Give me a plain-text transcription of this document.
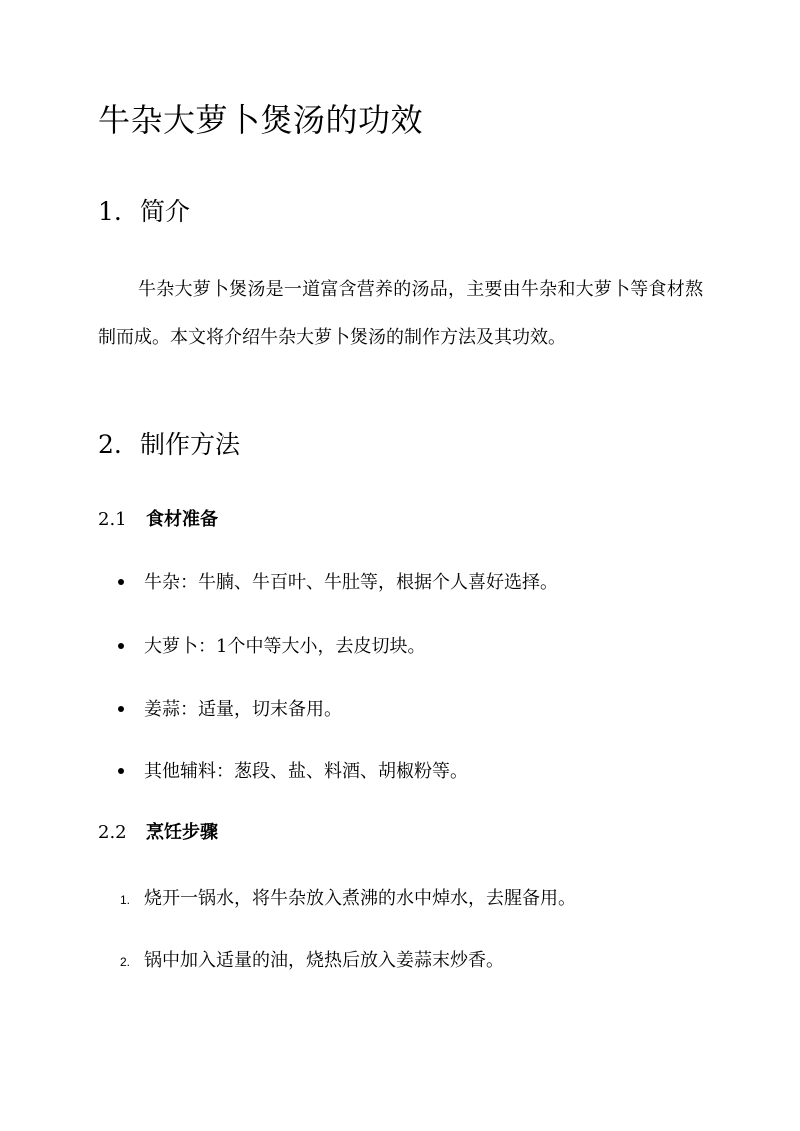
牛杂大萝卜煲汤的功效
1. 简介

牛杂大萝卜煲汤是一道富含营养的汤品，主要由牛杂和大萝卜等食材熬制而成。本文将介绍牛杂大萝卜煲汤的制作方法及其功效。

2. 制作方法
2.1 食材准备
牛杂：牛腩、牛百叶、牛肚等，根据个人喜好选择。
大萝卜：1个中等大小，去皮切块。
姜蒜：适量，切末备用。
其他辅料：葱段、盐、料酒、胡椒粉等。
2.2 烹饪步骤
1. 烧开一锅水，将牛杂放入煮沸的水中焯水，去腥备用。
2. 锅中加入适量的油，烧热后放入姜蒜末炒香。
